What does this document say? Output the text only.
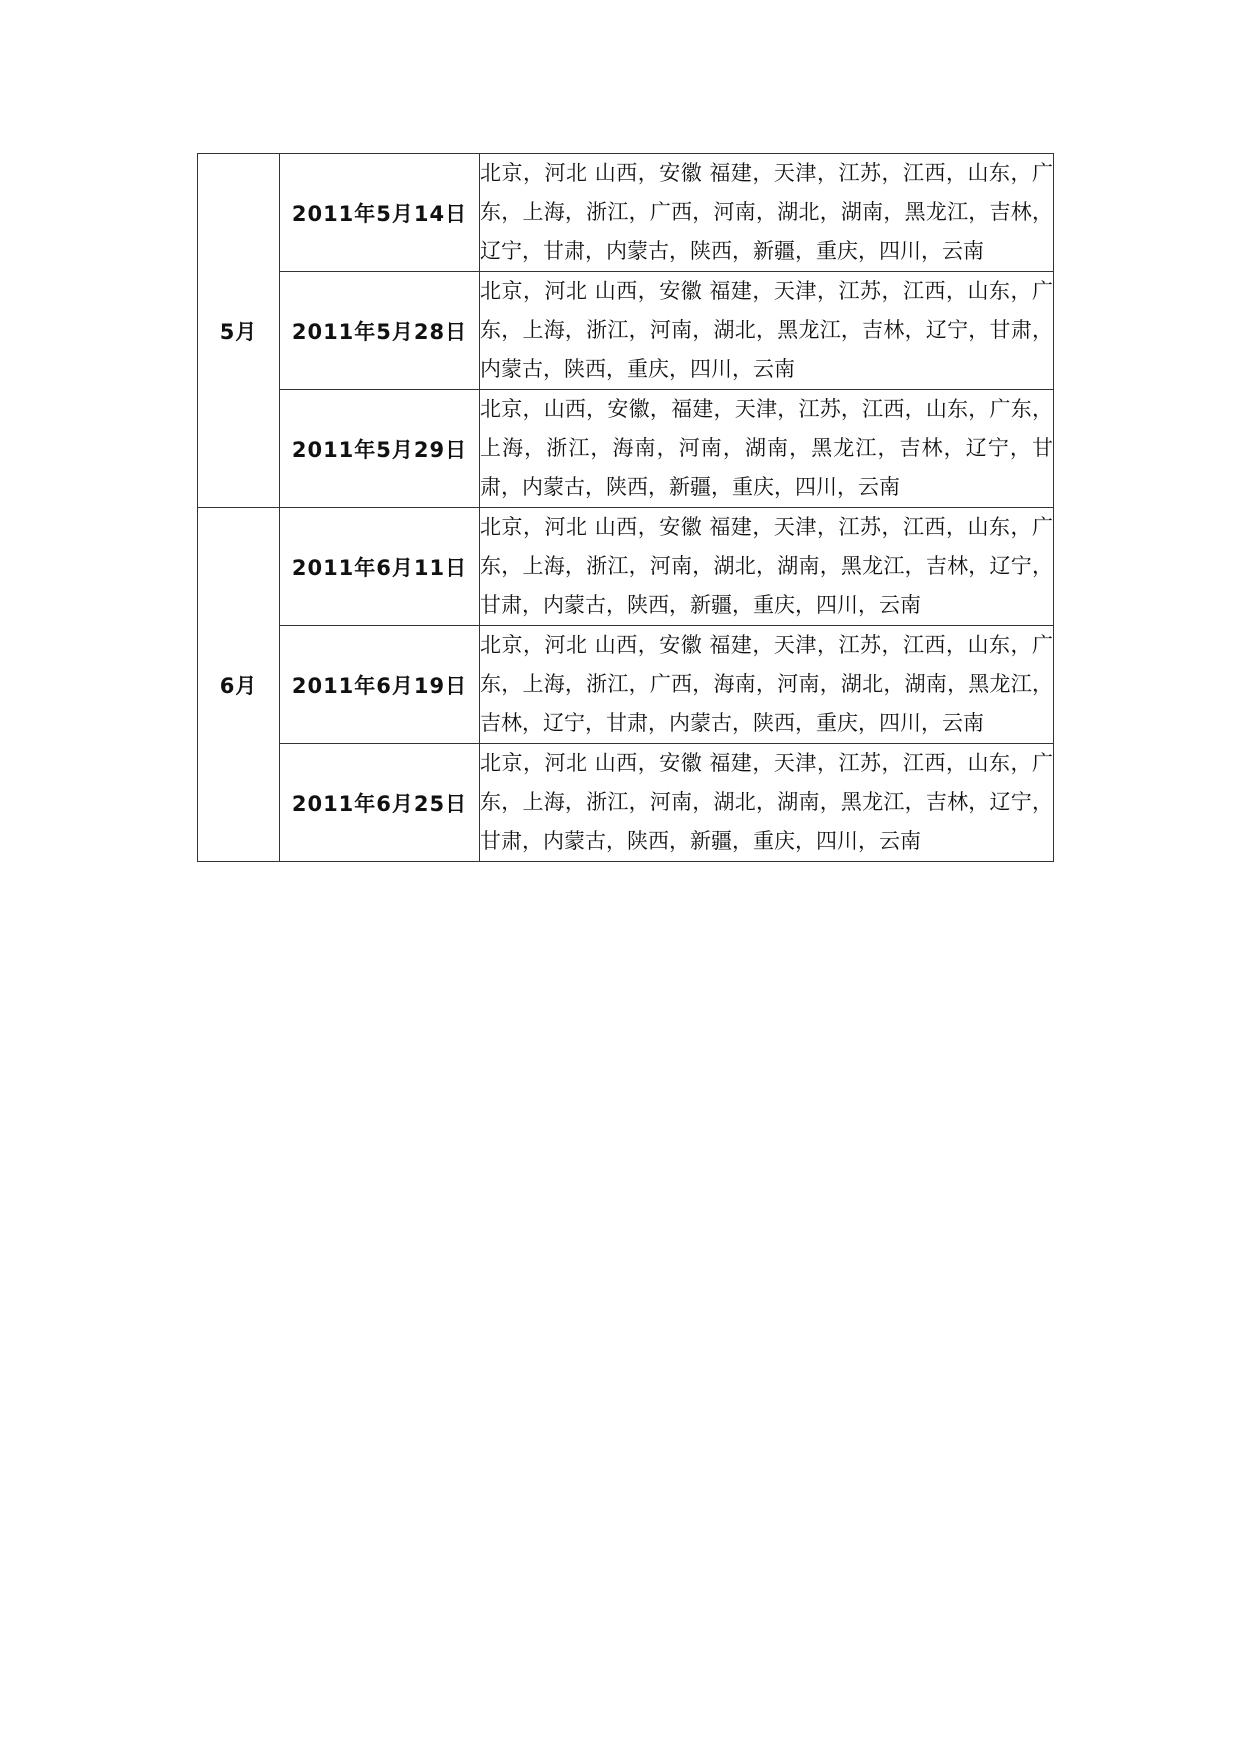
5月	2011年5月14日	北京，河北 山西，安徽 福建，天津，江苏，江西，山东，广东，上海，浙江，广西，河南，湖北，湖南，黑龙江，吉林，辽宁，甘肃，内蒙古，陕西，新疆，重庆，四川，云南
	2011年5月28日	北京，河北 山西，安徽 福建，天津，江苏，江西，山东，广东，上海，浙江，河南，湖北，黑龙江，吉林，辽宁，甘肃，内蒙古，陕西，重庆，四川，云南
	2011年5月29日	北京，山西，安徽，福建，天津，江苏，江西，山东，广东，上海，浙江，海南，河南，湖南，黑龙江，吉林，辽宁，甘肃，内蒙古，陕西，新疆，重庆，四川，云南
6月	2011年6月11日	北京，河北 山西，安徽 福建，天津，江苏，江西，山东，广东，上海，浙江，河南，湖北，湖南，黑龙江，吉林，辽宁，甘肃，内蒙古，陕西，新疆，重庆，四川，云南
	2011年6月19日	北京，河北 山西，安徽 福建，天津，江苏，江西，山东，广东，上海，浙江，广西，海南，河南，湖北，湖南，黑龙江，吉林，辽宁，甘肃，内蒙古，陕西，重庆，四川，云南
	2011年6月25日	北京，河北 山西，安徽 福建，天津，江苏，江西，山东，广东，上海，浙江，河南，湖北，湖南，黑龙江，吉林，辽宁，甘肃，内蒙古，陕西，新疆，重庆，四川，云南
